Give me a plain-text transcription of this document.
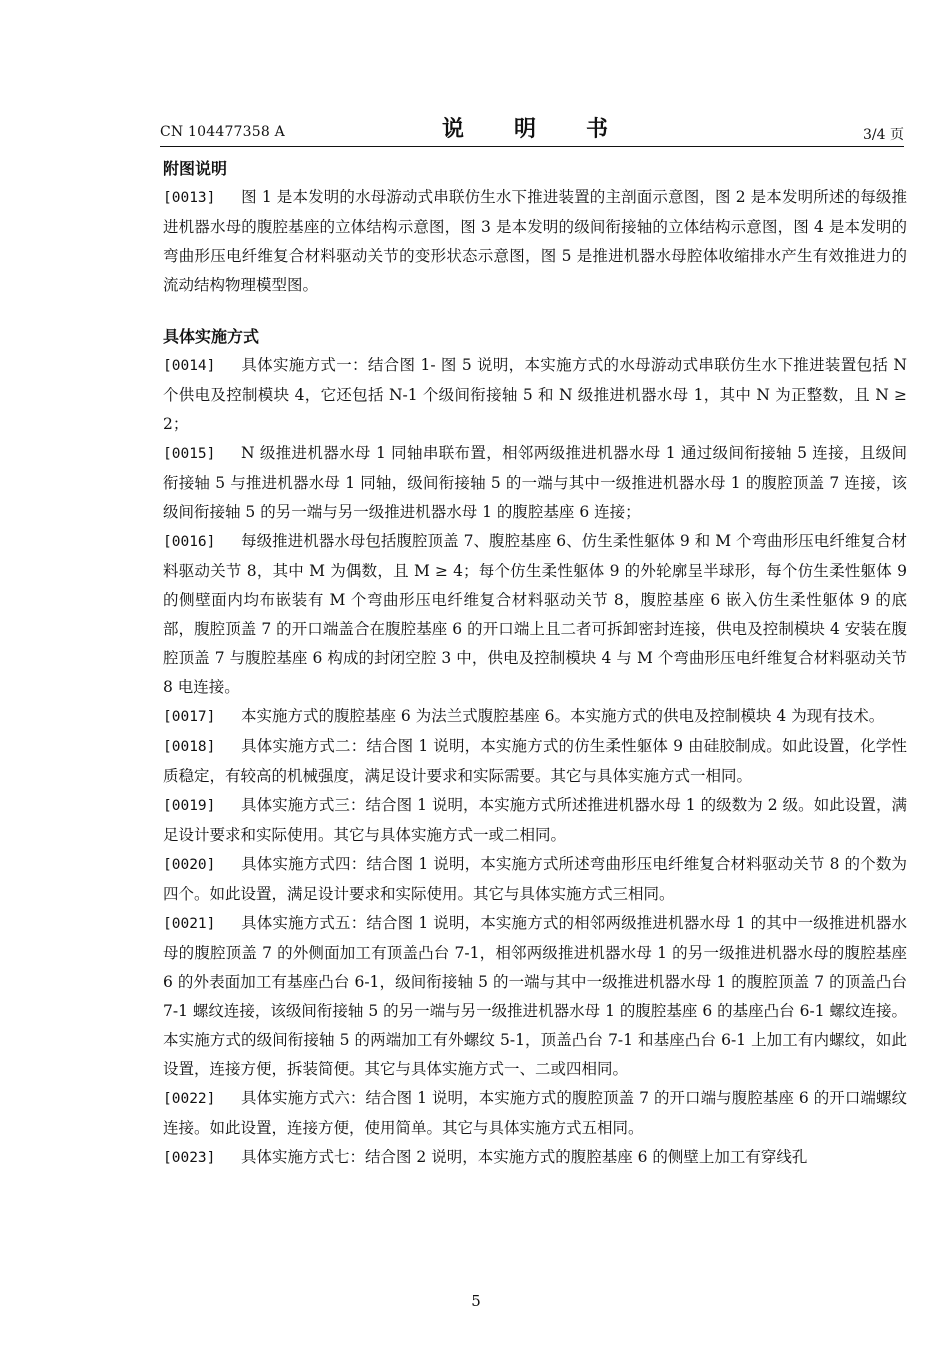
CN 104477358 A	说　明　书	3/4 页
附图说明
[0013] 图 1 是本发明的水母游动式串联仿生水下推进装置的主剖面示意图，图 2 是本发明所述的每级推进机器水母的腹腔基座的立体结构示意图，图 3 是本发明的级间衔接轴的立体结构示意图，图 4 是本发明的弯曲形压电纤维复合材料驱动关节的变形状态示意图，图 5 是推进机器水母腔体收缩排水产生有效推进力的流动结构物理模型图。
具体实施方式
[0014] 具体实施方式一：结合图 1- 图 5 说明，本实施方式的水母游动式串联仿生水下推进装置包括 N 个供电及控制模块 4，它还包括 N-1 个级间衔接轴 5 和 N 级推进机器水母 1，其中 N 为正整数，且 N ≥ 2；
[0015] N 级推进机器水母 1 同轴串联布置，相邻两级推进机器水母 1 通过级间衔接轴 5 连接，且级间衔接轴 5 与推进机器水母 1 同轴，级间衔接轴 5 的一端与其中一级推进机器水母 1 的腹腔顶盖 7 连接，该级间衔接轴 5 的另一端与另一级推进机器水母 1 的腹腔基座 6 连接；
[0016] 每级推进机器水母包括腹腔顶盖 7、腹腔基座 6、仿生柔性躯体 9 和 M 个弯曲形压电纤维复合材料驱动关节 8，其中 M 为偶数，且 M ≥ 4；每个仿生柔性躯体 9 的外轮廓呈半球形，每个仿生柔性躯体 9 的侧壁面内均布嵌装有 M 个弯曲形压电纤维复合材料驱动关节 8，腹腔基座 6 嵌入仿生柔性躯体 9 的底部，腹腔顶盖 7 的开口端盖合在腹腔基座 6 的开口端上且二者可拆卸密封连接，供电及控制模块 4 安装在腹腔顶盖 7 与腹腔基座 6 构成的封闭空腔 3 中，供电及控制模块 4 与 M 个弯曲形压电纤维复合材料驱动关节 8 电连接。
[0017] 本实施方式的腹腔基座 6 为法兰式腹腔基座 6。本实施方式的供电及控制模块 4 为现有技术。
[0018] 具体实施方式二：结合图 1 说明，本实施方式的仿生柔性躯体 9 由硅胶制成。如此设置，化学性质稳定，有较高的机械强度，满足设计要求和实际需要。其它与具体实施方式一相同。
[0019] 具体实施方式三：结合图 1 说明，本实施方式所述推进机器水母 1 的级数为 2 级。如此设置，满足设计要求和实际使用。其它与具体实施方式一或二相同。
[0020] 具体实施方式四：结合图 1 说明，本实施方式所述弯曲形压电纤维复合材料驱动关节 8 的个数为四个。如此设置，满足设计要求和实际使用。其它与具体实施方式三相同。
[0021] 具体实施方式五：结合图 1 说明，本实施方式的相邻两级推进机器水母 1 的其中一级推进机器水母的腹腔顶盖 7 的外侧面加工有顶盖凸台 7-1，相邻两级推进机器水母 1 的另一级推进机器水母的腹腔基座 6 的外表面加工有基座凸台 6-1，级间衔接轴 5 的一端与其中一级推进机器水母 1 的腹腔顶盖 7 的顶盖凸台 7-1 螺纹连接，该级间衔接轴 5 的另一端与另一级推进机器水母 1 的腹腔基座 6 的基座凸台 6-1 螺纹连接。本实施方式的级间衔接轴 5 的两端加工有外螺纹 5-1，顶盖凸台 7-1 和基座凸台 6-1 上加工有内螺纹，如此设置，连接方便，拆装简便。其它与具体实施方式一、二或四相同。
[0022] 具体实施方式六：结合图 1 说明，本实施方式的腹腔顶盖 7 的开口端与腹腔基座 6 的开口端螺纹连接。如此设置，连接方便，使用简单。其它与具体实施方式五相同。
[0023] 具体实施方式七：结合图 2 说明，本实施方式的腹腔基座 6 的侧壁上加工有穿线孔
5
